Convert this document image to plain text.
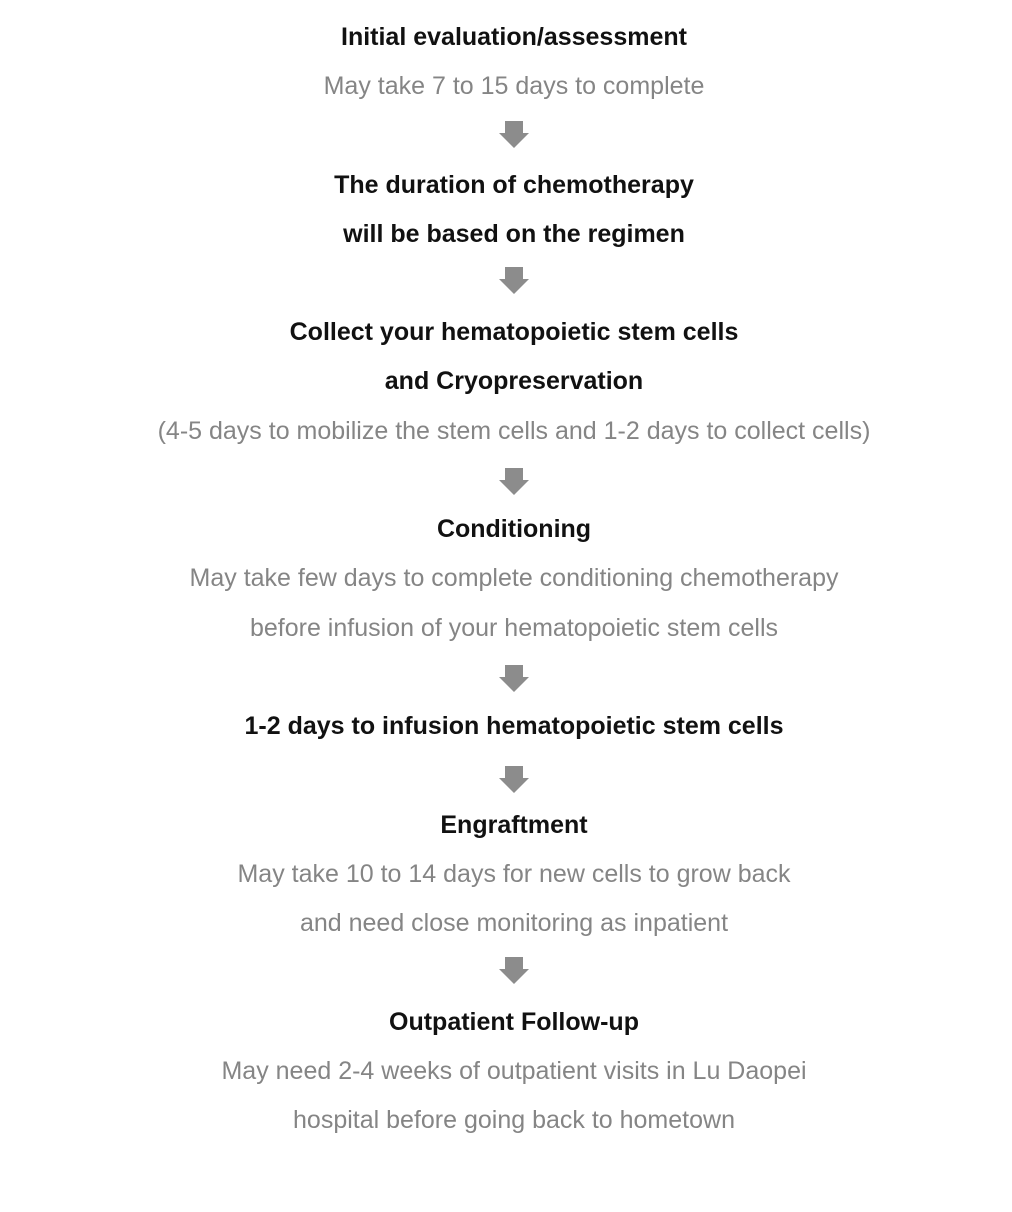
Initial evaluation/assessment
May take 7 to 15 days to complete
The duration of chemotherapy
will be based on the regimen
Collect your hematopoietic stem cells
and Cryopreservation
(4-5 days to mobilize the stem cells and 1-2 days to collect cells)
Conditioning
May take few days to complete conditioning chemotherapy
before infusion of your hematopoietic stem cells
1-2 days to infusion hematopoietic stem cells
Engraftment
May take 10 to 14 days for new cells to grow back
and need close monitoring as inpatient
Outpatient Follow-up
May need 2-4 weeks of outpatient visits in Lu Daopei
hospital before going back to hometown
